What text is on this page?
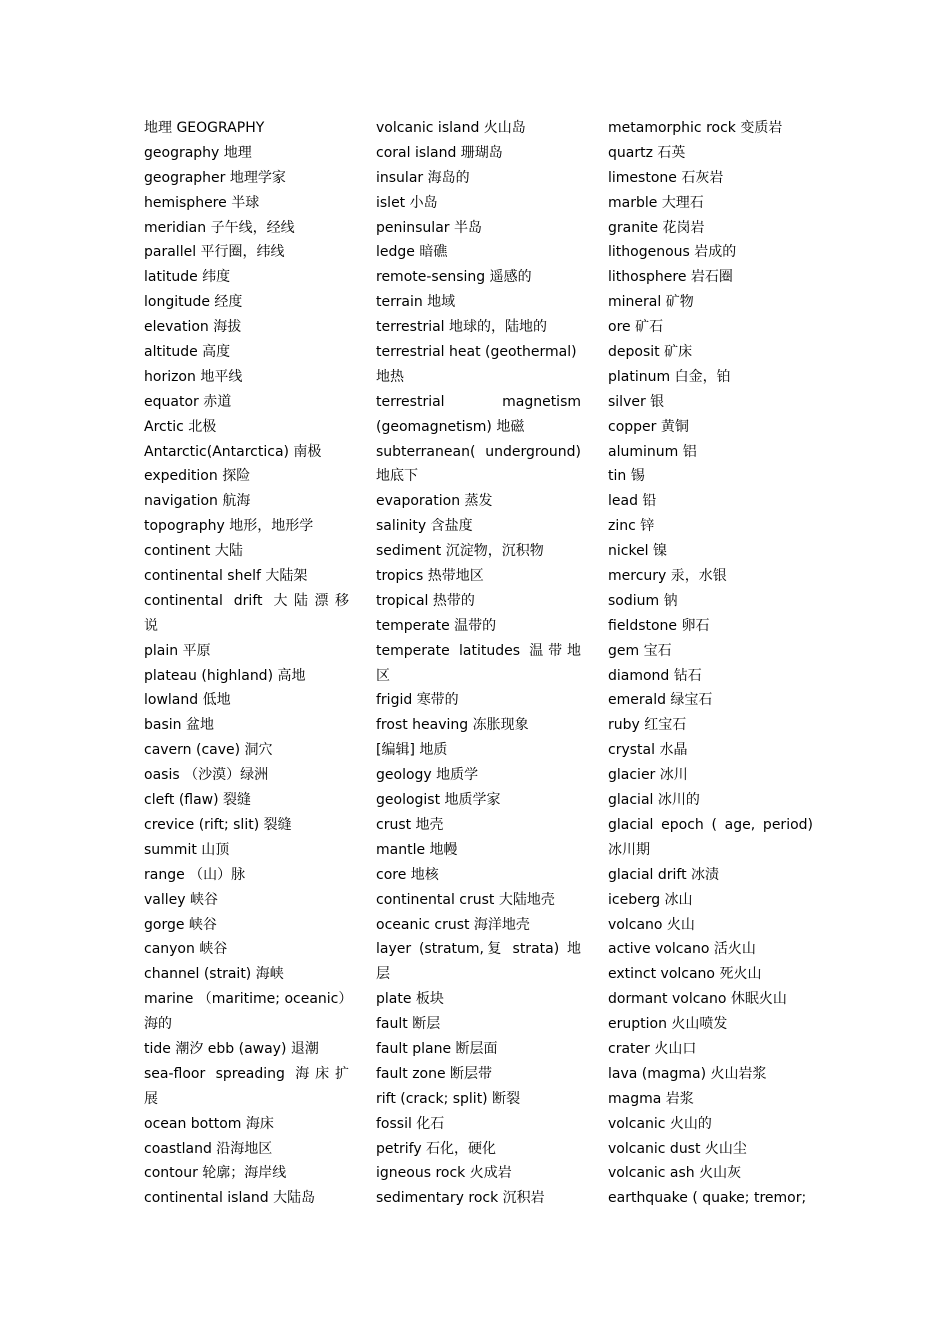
地理 GEOGRAPHY
geography 地理
geographer 地理学家
hemisphere 半球
meridian 子午线，经线
parallel 平行圈，纬线
latitude 纬度
longitude 经度
elevation 海拔
altitude 高度
horizon 地平线
equator 赤道
Arctic 北极
Antarctic(Antarctica) 南极
expedition 探险
navigation 航海
topography 地形，地形学
continent 大陆
continental shelf 大陆架
continental drift 大陆漂移
说
plain 平原
plateau (highland) 高地
lowland 低地
basin 盆地
cavern (cave) 洞穴
oasis （沙漠）绿洲
cleft (flaw) 裂缝
crevice (rift; slit) 裂缝
summit 山顶
range （山）脉
valley 峡谷
gorge 峡谷
canyon 峡谷
channel (strait) 海峡
marine （maritime; oceanic）
海的
tide 潮汐 ebb (away) 退潮
sea-floor spreading 海床扩
展
ocean bottom 海床
coastland 沿海地区
contour 轮廓；海岸线
continental island 大陆岛
volcanic island 火山岛
coral island 珊瑚岛
insular 海岛的
islet 小岛
peninsular 半岛
ledge 暗礁
remote-sensing 遥感的
terrain 地域
terrestrial 地球的，陆地的
terrestrial heat (geothermal)
地热
terrestrial magnetism
(geomagnetism) 地磁
subterranean( underground)
地底下
evaporation 蒸发
salinity 含盐度
sediment 沉淀物，沉积物
tropics 热带地区
tropical 热带的
temperate 温带的
temperate latitudes 温带地
区
frigid 寒带的
frost heaving 冻胀现象
[编辑] 地质
geology 地质学
geologist 地质学家
crust 地壳
mantle 地幔
core 地核
continental crust 大陆地壳
oceanic crust 海洋地壳
layer (stratum,复 strata) 地
层
plate 板块
fault 断层
fault plane 断层面
fault zone 断层带
rift (crack; split) 断裂
fossil 化石
petrify 石化，硬化
igneous rock 火成岩
sedimentary rock 沉积岩
metamorphic rock 变质岩
quartz 石英
limestone 石灰岩
marble 大理石
granite 花岗岩
lithogenous 岩成的
lithosphere 岩石圈
mineral 矿物
ore 矿石
deposit 矿床
platinum 白金，铂
silver 银
copper 黄铜
aluminum 铝
tin 锡
lead 铅
zinc 锌
nickel 镍
mercury 汞，水银
sodium 钠
fieldstone 卵石
gem 宝石
diamond 钻石
emerald 绿宝石
ruby 红宝石
crystal 水晶
glacier 冰川
glacial 冰川的
glacial epoch ( age, period)
冰川期
glacial drift 冰渍
iceberg 冰山
volcano 火山
active volcano 活火山
extinct volcano 死火山
dormant volcano 休眠火山
eruption 火山喷发
crater 火山口
lava (magma) 火山岩浆
magma 岩浆
volcanic 火山的
volcanic dust 火山尘
volcanic ash 火山灰
earthquake ( quake; tremor;
